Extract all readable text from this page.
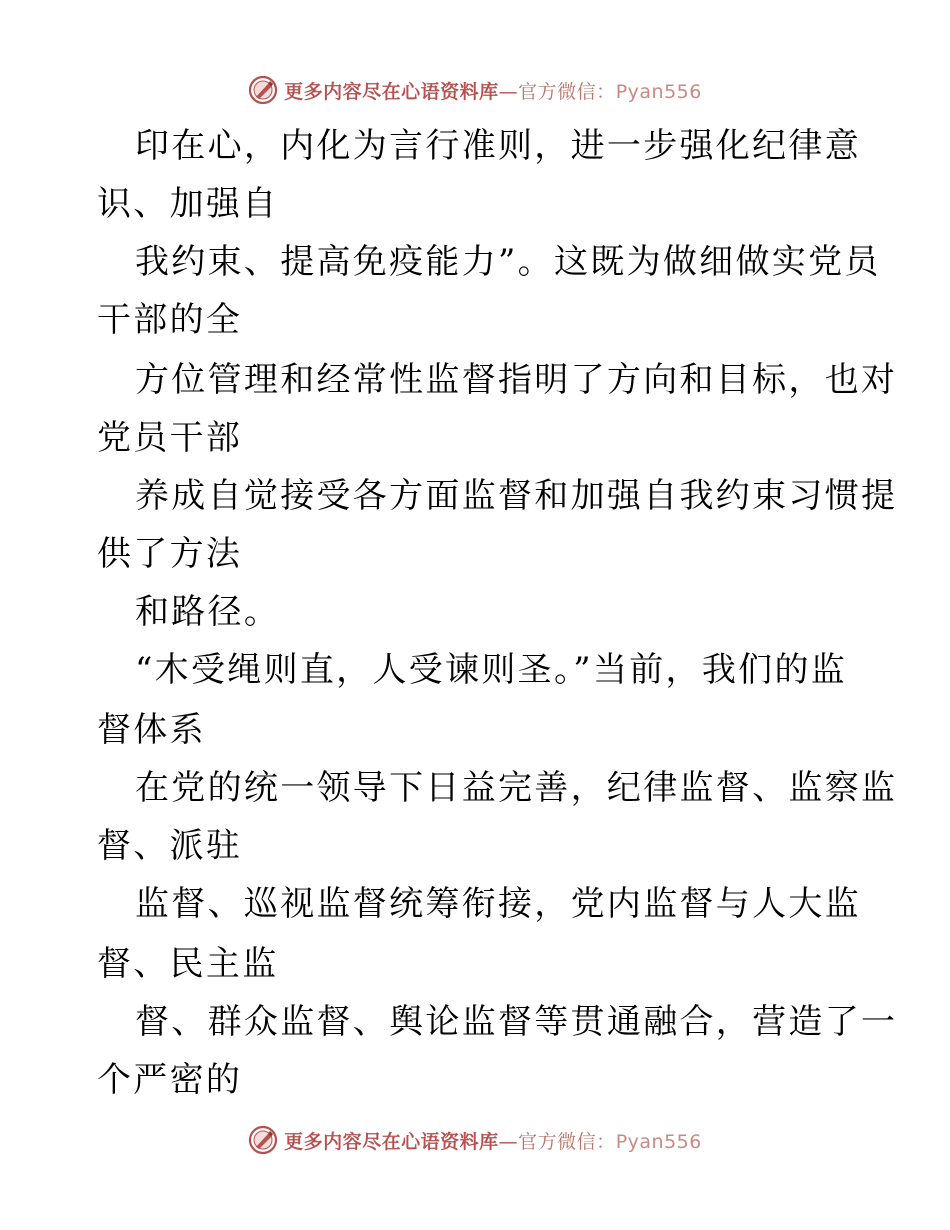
更多内容尽在心语资料库—官方微信：Pyan556
印在心，内化为言行准则，进一步强化纪律意
识、加强自
我约束、提高免疫能力”。这既为做细做实党员
干部的全
方位管理和经常性监督指明了方向和目标，也对
党员干部
养成自觉接受各方面监督和加强自我约束习惯提
供了方法
和路径。
“木受绳则直，人受谏则圣。”当前，我们的监
督体系
在党的统一领导下日益完善，纪律监督、监察监
督、派驻
监督、巡视监督统筹衔接，党内监督与人大监
督、民主监
督、群众监督、舆论监督等贯通融合，营造了一
个严密的
更多内容尽在心语资料库—官方微信：Pyan556
